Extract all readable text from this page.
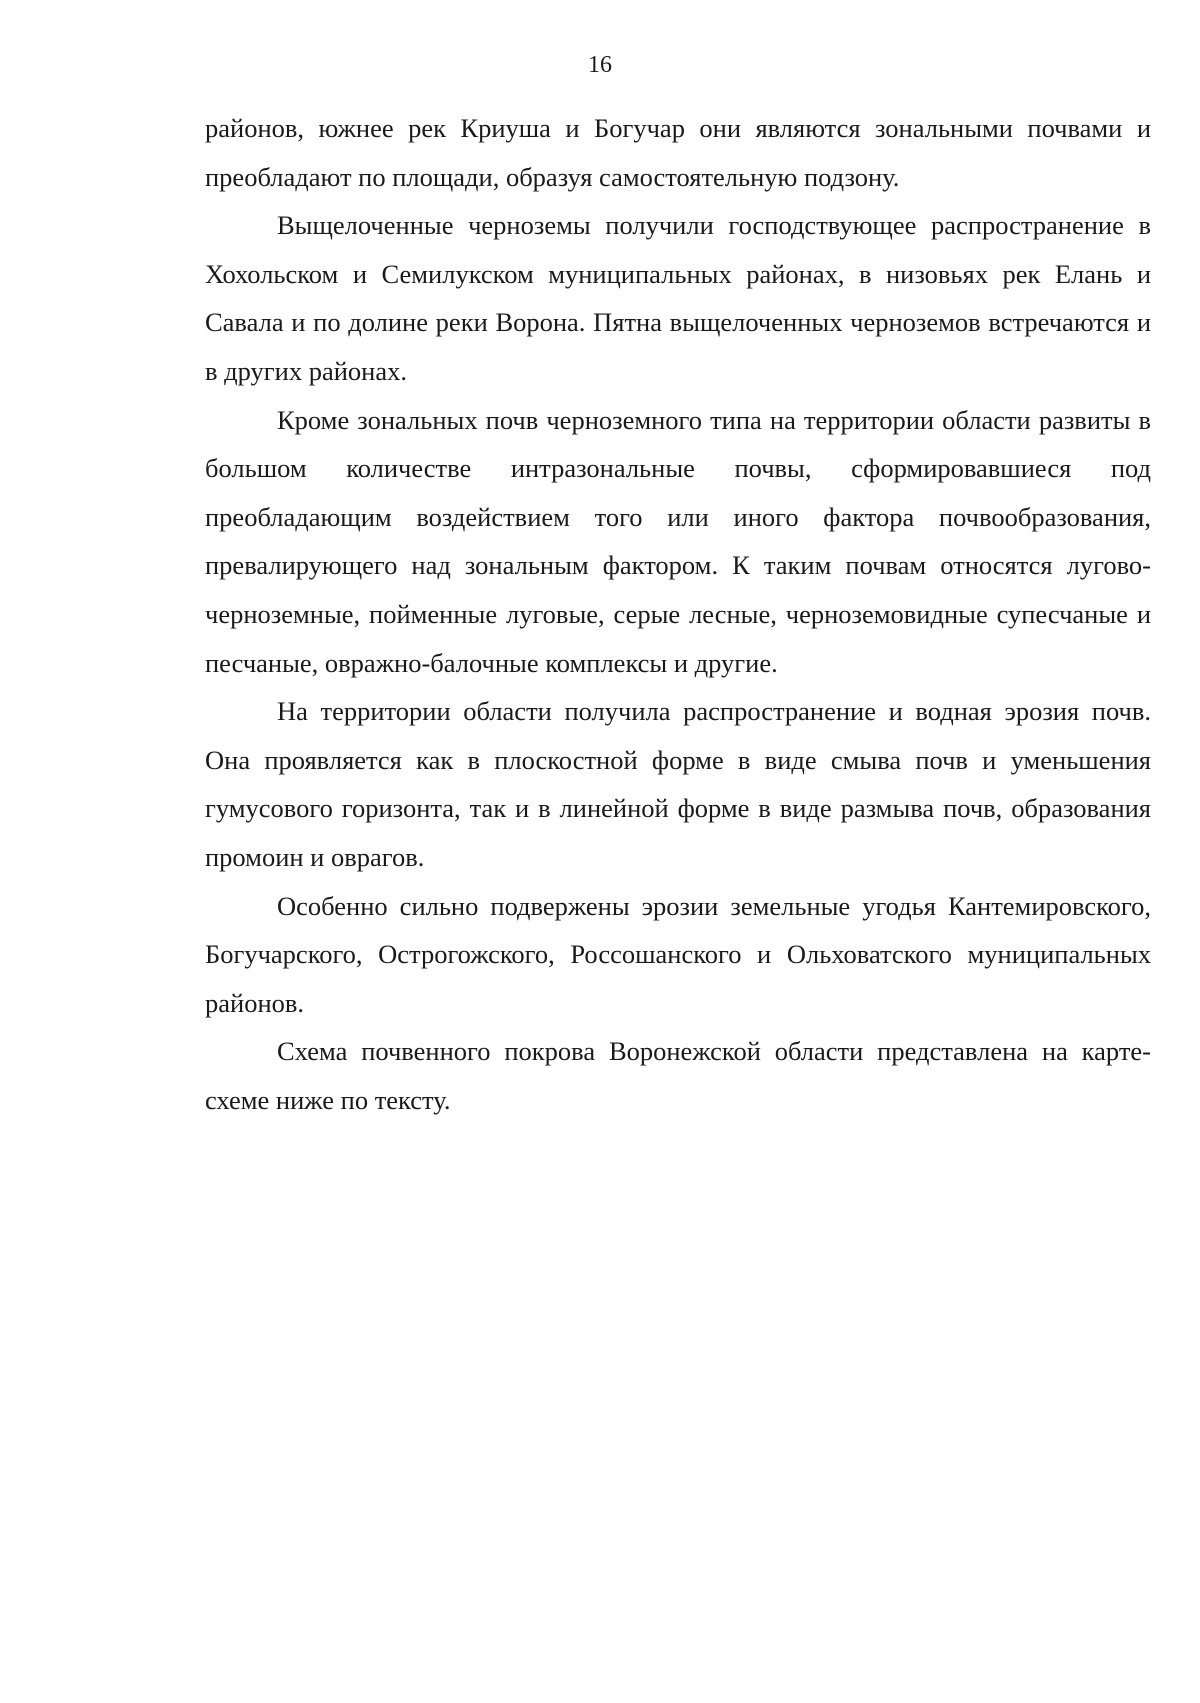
16

районов, южнее рек Криуша и Богучар они являются зональными почвами и преобладают по площади, образуя самостоятельную подзону.

Выщелоченные черноземы получили господствующее распространение в Хохольском и Семилукском муниципальных районах, в низовьях рек Елань и Савала и по долине реки Ворона. Пятна выщелоченных черноземов встречаются и в других районах.

Кроме зональных почв черноземного типа на территории области развиты в большом количестве интразональные почвы, сформировавшиеся под преобладающим воздействием того или иного фактора почвообразования, превалирующего над зональным фактором. К таким почвам относятся лугово-черноземные, пойменные луговые, серые лесные, черноземовидные супесчаные и песчаные, овражно-балочные комплексы и другие.

На территории области получила распространение и водная эрозия почв. Она проявляется как в плоскостной форме в виде смыва почв и уменьшения гумусового горизонта, так и в линейной форме в виде размыва почв, образования промоин и оврагов.

Особенно сильно подвержены эрозии земельные угодья Кантемировского, Богучарского, Острогожского, Россошанского и Ольховатского муниципальных районов.

Схема почвенного покрова Воронежской области представлена на карте-схеме ниже по тексту.
